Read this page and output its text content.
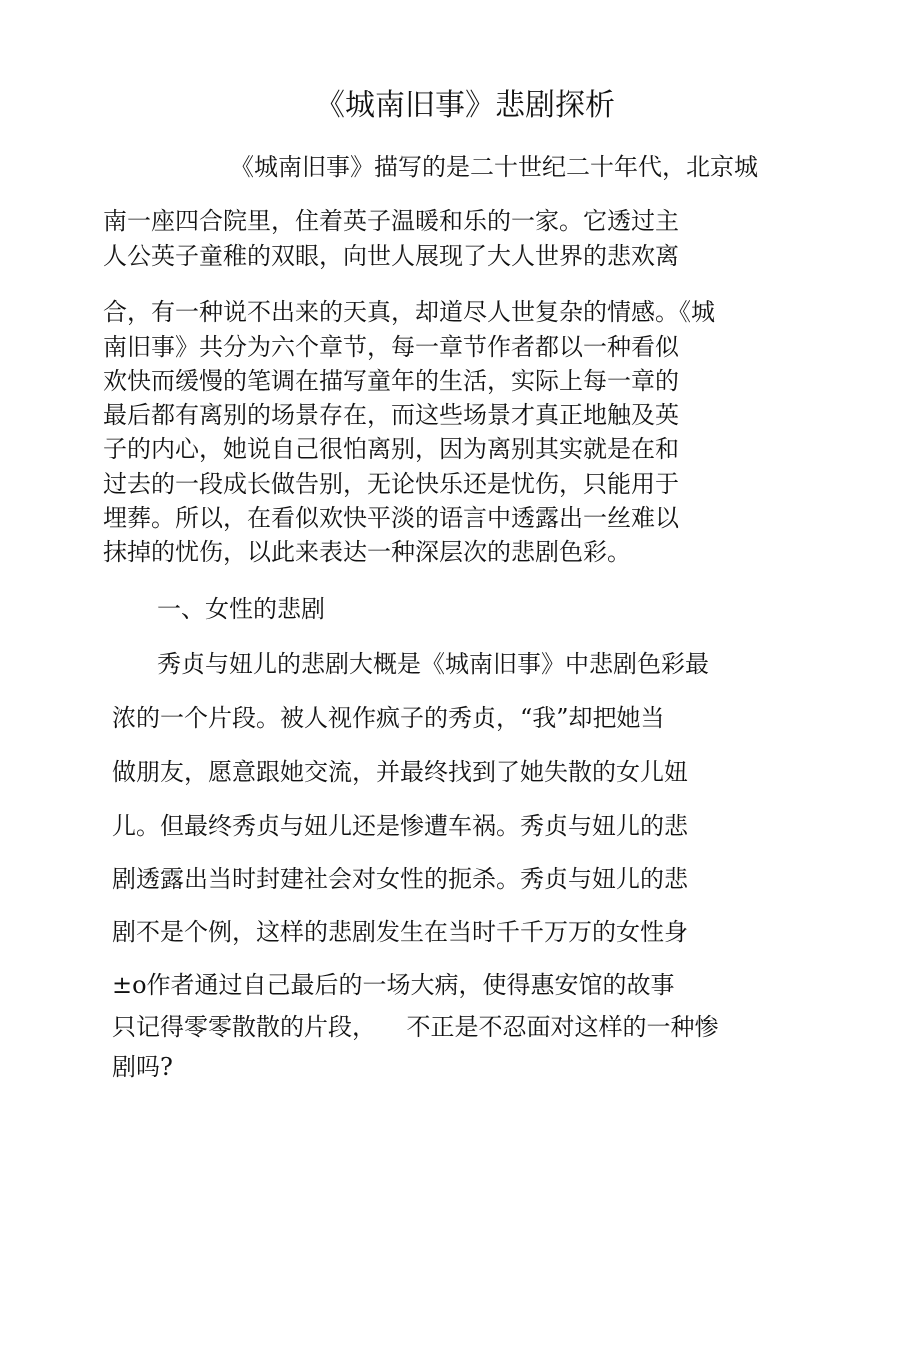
《城南旧事》悲剧探析
《城南旧事》描写的是二十世纪二十年代，北京城
南一座四合院里，住着英子温暖和乐的一家。它透过主
人公英子童稚的双眼，向世人展现了大人世界的悲欢离
合，有一种说不出来的天真，却道尽人世复杂的情感。《城
南旧事》共分为六个章节，每一章节作者都以一种看似
欢快而缓慢的笔调在描写童年的生活，实际上每一章的
最后都有离别的场景存在，而这些场景才真正地触及英
子的内心，她说自己很怕离别，因为离别其实就是在和
过去的一段成长做告别，无论快乐还是忧伤，只能用于
埋葬。所以，在看似欢快平淡的语言中透露出一丝难以
抹掉的忧伤，以此来表达一种深层次的悲剧色彩。
一、女性的悲剧
秀贞与妞儿的悲剧大概是《城南旧事》中悲剧色彩最
浓的一个片段。被人视作疯子的秀贞，“我”却把她当
做朋友，愿意跟她交流，并最终找到了她失散的女儿妞
儿。但最终秀贞与妞儿还是惨遭车祸。秀贞与妞儿的悲
剧透露出当时封建社会对女性的扼杀。秀贞与妞儿的悲
剧不是个例，这样的悲剧发生在当时千千万万的女性身
±o作者通过自己最后的一场大病，使得惠安馆的故事
只记得零零散散的片段，    不正是不忍面对这样的一种惨
剧吗?
